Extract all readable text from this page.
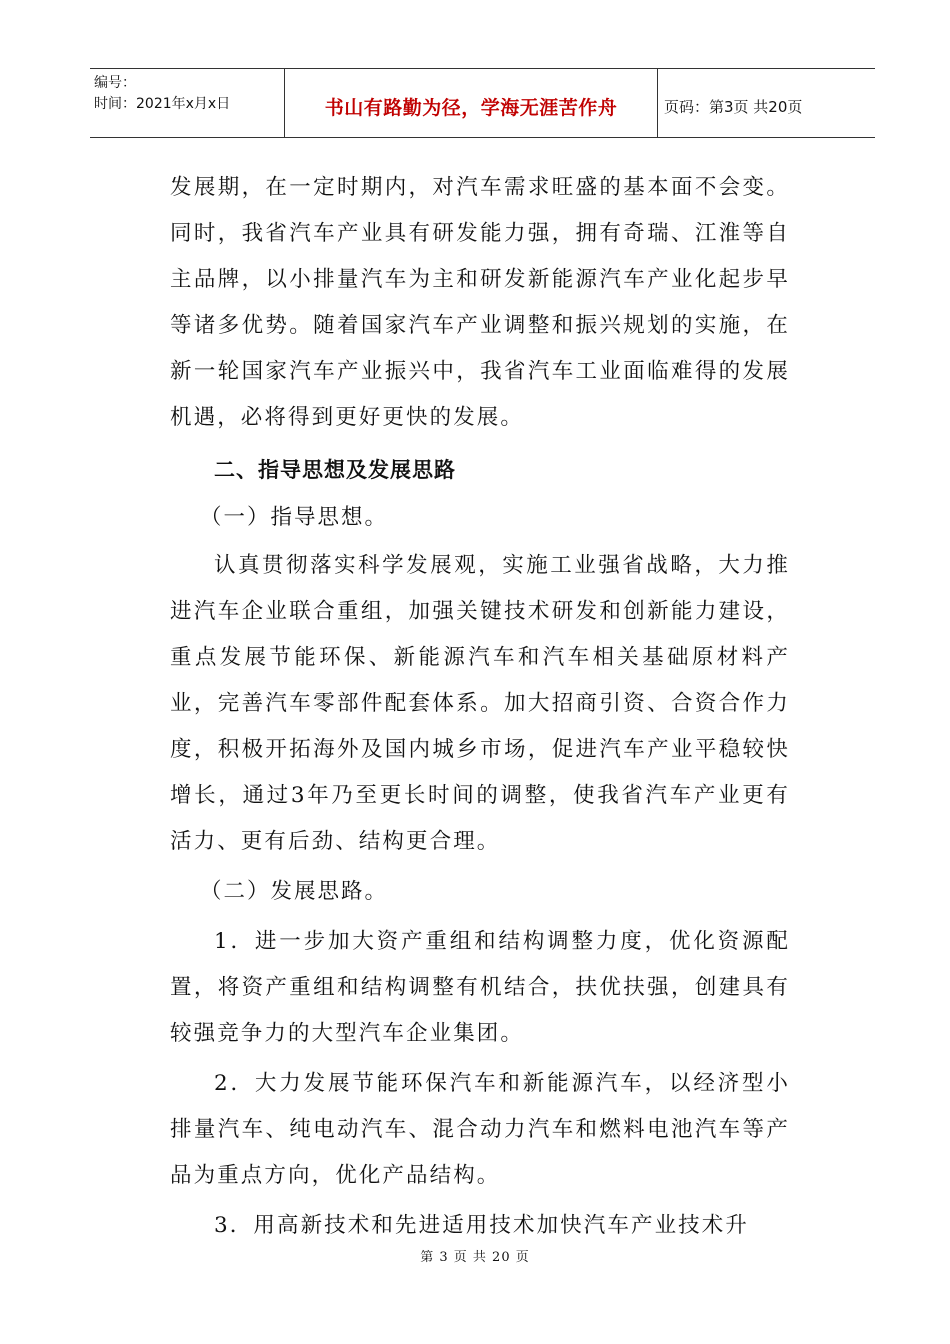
编号：
时间：2021年x月x日	书山有路勤为径，学海无涯苦作舟	页码：第3页 共20页

发展期，在一定时期内，对汽车需求旺盛的基本面不会变。同时，我省汽车产业具有研发能力强，拥有奇瑞、江淮等自主品牌，以小排量汽车为主和研发新能源汽车产业化起步早等诸多优势。随着国家汽车产业调整和振兴规划的实施，在新一轮国家汽车产业振兴中，我省汽车工业面临难得的发展机遇，必将得到更好更快的发展。

二、指导思想及发展思路

（一）指导思想。

认真贯彻落实科学发展观，实施工业强省战略，大力推进汽车企业联合重组，加强关键技术研发和创新能力建设，重点发展节能环保、新能源汽车和汽车相关基础原材料产业，完善汽车零部件配套体系。加大招商引资、合资合作力度，积极开拓海外及国内城乡市场，促进汽车产业平稳较快增长，通过3年乃至更长时间的调整，使我省汽车产业更有活力、更有后劲、结构更合理。

（二）发展思路。

1．进一步加大资产重组和结构调整力度，优化资源配置，将资产重组和结构调整有机结合，扶优扶强，创建具有较强竞争力的大型汽车企业集团。

2．大力发展节能环保汽车和新能源汽车，以经济型小排量汽车、纯电动汽车、混合动力汽车和燃料电池汽车等产品为重点方向，优化产品结构。

3．用高新技术和先进适用技术加快汽车产业技术升

第 3 页 共 20 页
